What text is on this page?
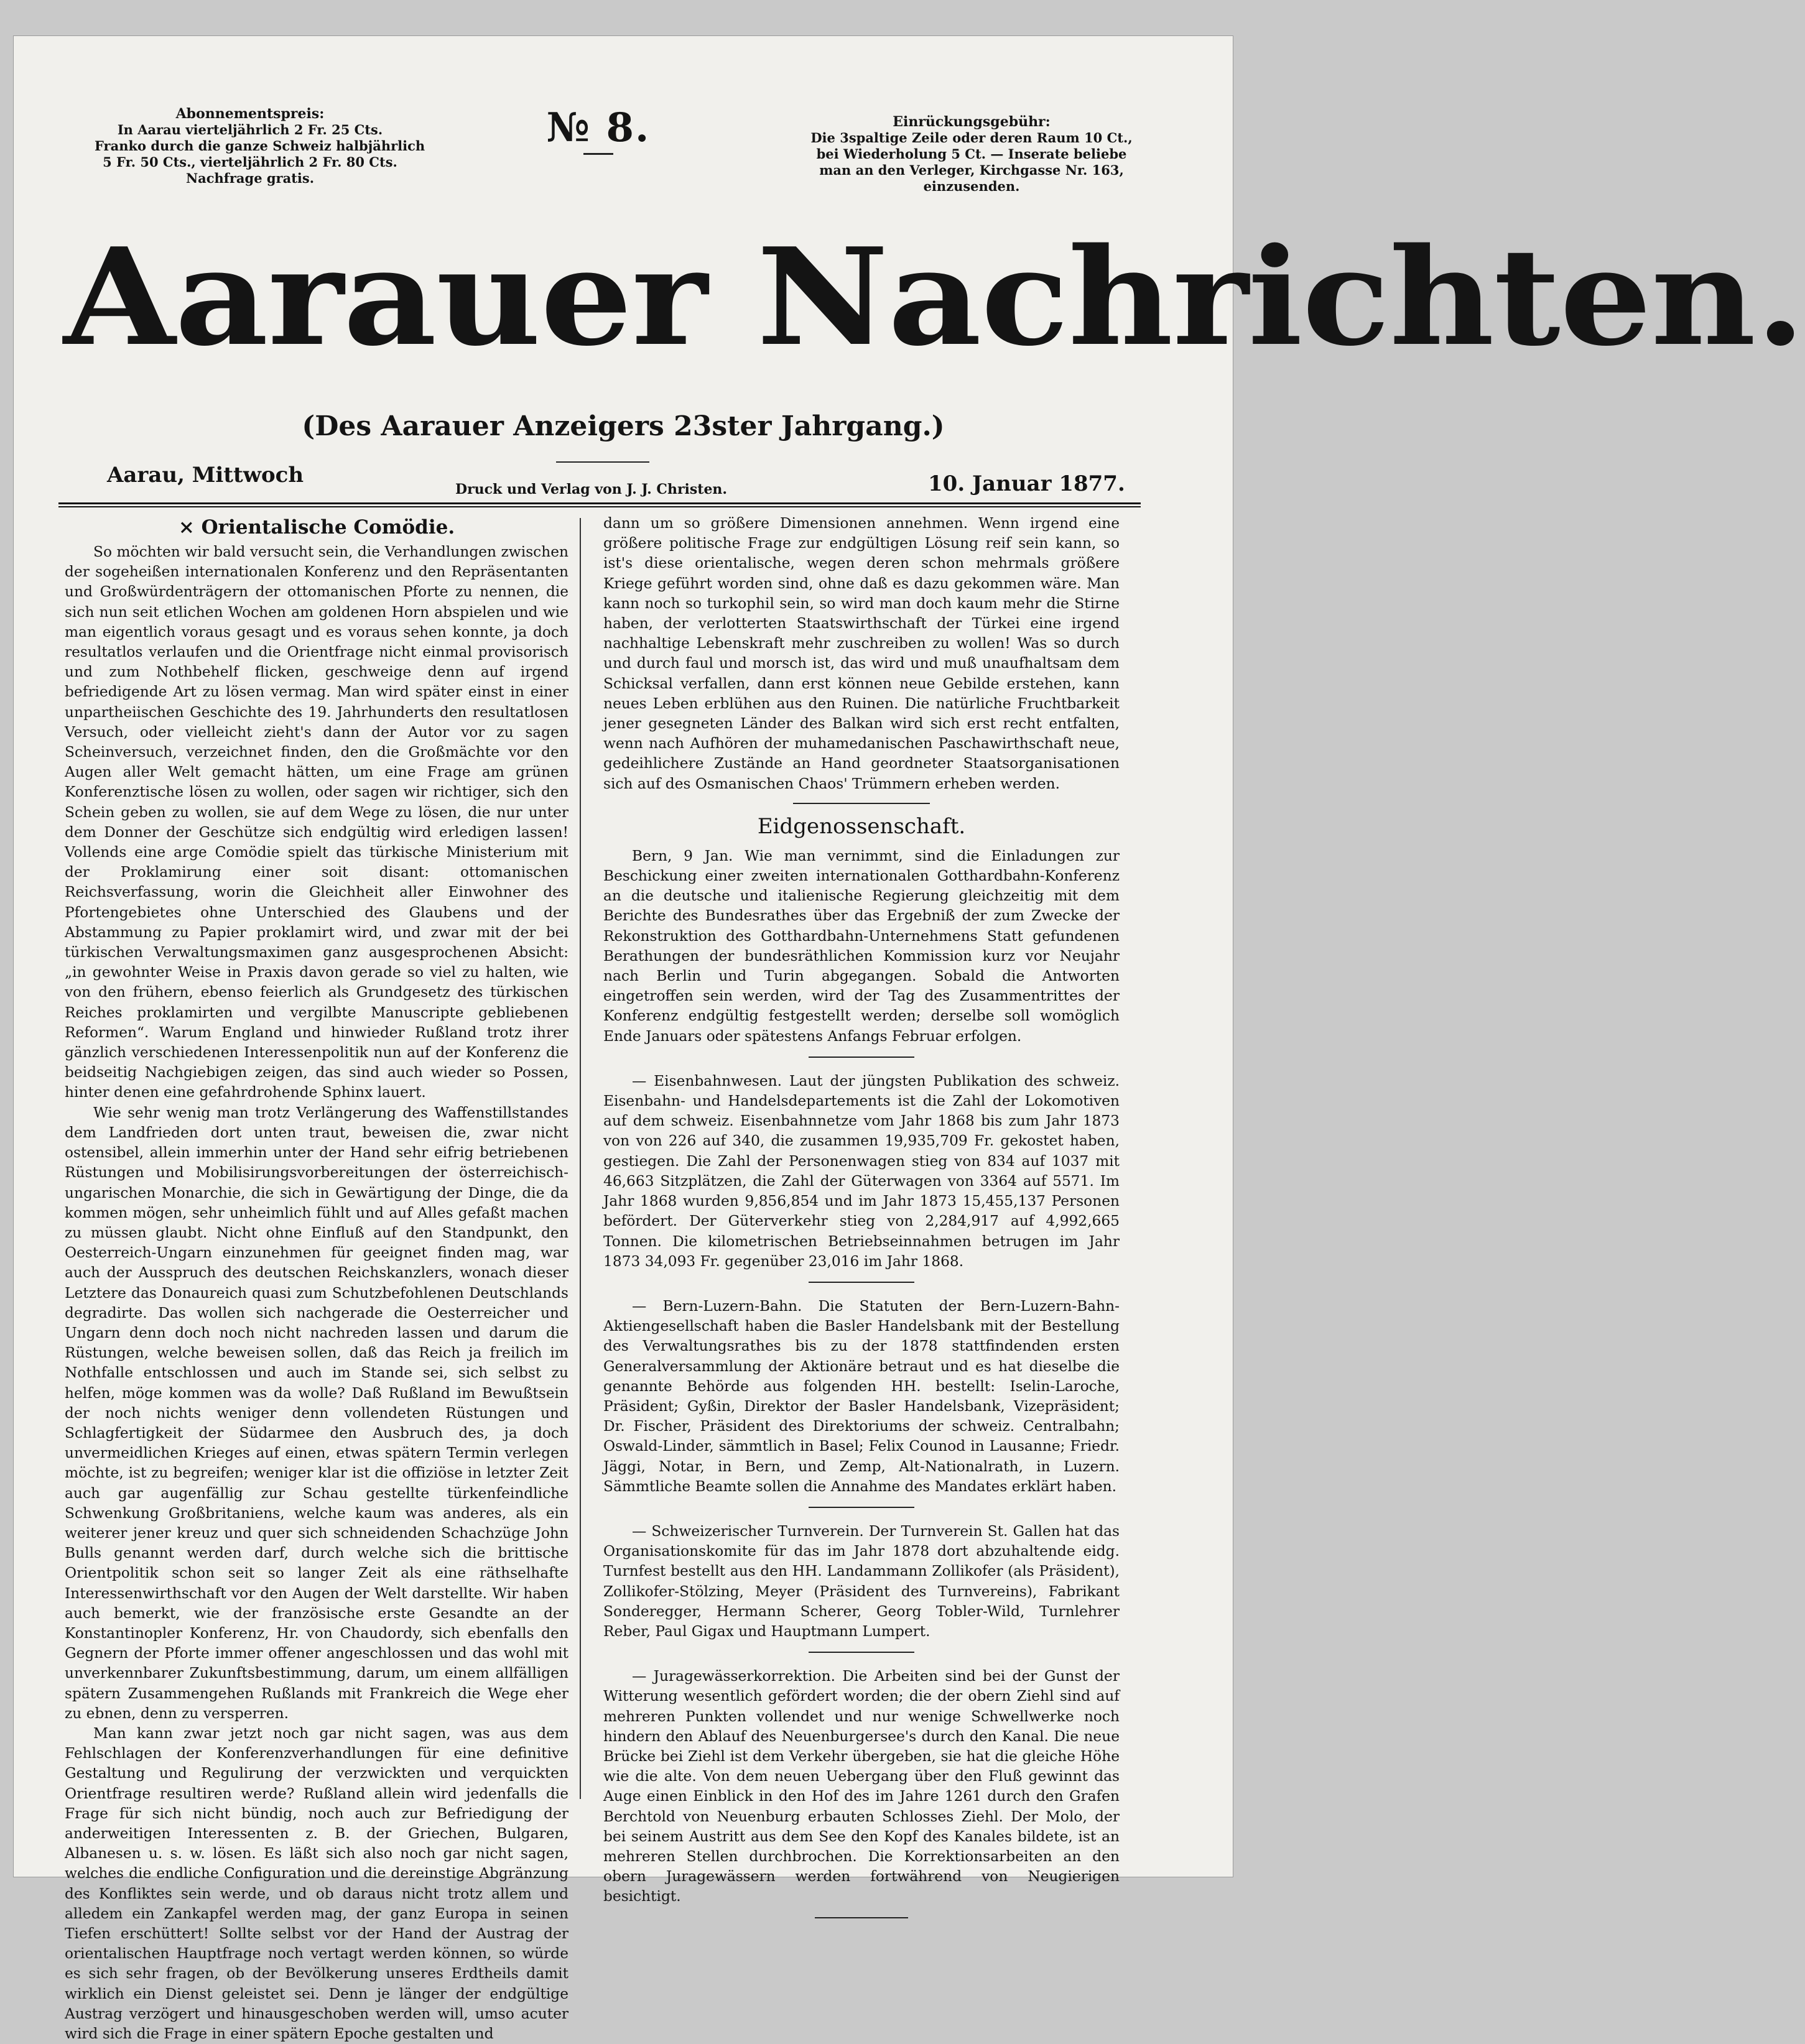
Abonnementspreis:
In Aarau vierteljährlich 2 Fr. 25 Cts.
Franko durch die ganze Schweiz halbjährlich
5 Fr. 50 Cts., vierteljährlich 2 Fr. 80 Cts.
Nachfrage gratis.
№ 8.	Einrückungsgebühr:
Die 3spaltige Zeile oder deren Raum 10 Ct.,
bei Wiederholung 5 Ct. — Inserate beliebe
man an den Verleger, Kirchgasse Nr. 163,
einzusenden.
Aarauer Nachrichten.
(Des Aarauer Anzeigers 23ster Jahrgang.)
Aarau, Mittwoch
Druck und Verlag von J. J. Christen.	10. Januar 1877.
× Orientalische Comödie.

So möchten wir bald versucht sein, die Verhandlungen zwischen der sogeheißen internationalen Konferenz und den Repräsentanten und Großwürdenträgern der ottomanischen Pforte zu nennen, die sich nun seit etlichen Wochen am goldenen Horn abspielen und wie man eigentlich voraus gesagt und es voraus sehen konnte, ja doch resultatlos verlaufen und die Orientfrage nicht einmal provisorisch und zum Nothbehelf flicken, geschweige denn auf irgend befriedigende Art zu lösen vermag. Man wird später einst in einer unpartheiischen Geschichte des 19. Jahrhunderts den resultatlosen Versuch, oder vielleicht zieht's dann der Autor vor zu sagen Scheinversuch, verzeichnet finden, den die Großmächte vor den Augen aller Welt gemacht hätten, um eine Frage am grünen Konferenztische lösen zu wollen, oder sagen wir richtiger, sich den Schein geben zu wollen, sie auf dem Wege zu lösen, die nur unter dem Donner der Geschütze sich endgültig wird erledigen lassen! Vollends eine arge Comödie spielt das türkische Ministerium mit der Proklamirung einer soit disant: ottomanischen Reichsverfassung, worin die Gleichheit aller Einwohner des Pfortengebietes ohne Unterschied des Glaubens und der Abstammung zu Papier proklamirt wird, und zwar mit der bei türkischen Verwaltungsmaximen ganz ausgesprochenen Absicht: „in gewohnter Weise in Praxis davon gerade so viel zu halten, wie von den frühern, ebenso feierlich als Grundgesetz des türkischen Reiches proklamirten und vergilbte Manuscripte gebliebenen Reformen“. Warum England und hinwieder Rußland trotz ihrer gänzlich verschiedenen Interessenpolitik nun auf der Konferenz die beidseitig Nachgiebigen zeigen, das sind auch wieder so Possen, hinter denen eine gefahrdrohende Sphinx lauert.

Wie sehr wenig man trotz Verlängerung des Waffenstillstandes dem Landfrieden dort unten traut, beweisen die, zwar nicht ostensibel, allein immerhin unter der Hand sehr eifrig betriebenen Rüstungen und Mobilisirungsvorbereitungen der österreichisch-ungarischen Monarchie, die sich in Gewärtigung der Dinge, die da kommen mögen, sehr unheimlich fühlt und auf Alles gefaßt machen zu müssen glaubt. Nicht ohne Einfluß auf den Standpunkt, den Oesterreich-Ungarn einzunehmen für geeignet finden mag, war auch der Ausspruch des deutschen Reichskanzlers, wonach dieser Letztere das Donaureich quasi zum Schutzbefohlenen Deutschlands degradirte. Das wollen sich nachgerade die Oesterreicher und Ungarn denn doch noch nicht nachreden lassen und darum die Rüstungen, welche beweisen sollen, daß das Reich ja freilich im Nothfalle entschlossen und auch im Stande sei, sich selbst zu helfen, möge kommen was da wolle? Daß Rußland im Bewußtsein der noch nichts weniger denn vollendeten Rüstungen und Schlagfertigkeit der Südarmee den Ausbruch des, ja doch unvermeidlichen Krieges auf einen, etwas spätern Termin verlegen möchte, ist zu begreifen; weniger klar ist die offiziöse in letzter Zeit auch gar augenfällig zur Schau gestellte türkenfeindliche Schwenkung Großbritaniens, welche kaum was anderes, als ein weiterer jener kreuz und quer sich schneidenden Schachzüge John Bulls genannt werden darf, durch welche sich die brittische Orientpolitik schon seit so langer Zeit als eine räthselhafte Interessenwirthschaft vor den Augen der Welt darstellte. Wir haben auch bemerkt, wie der französische erste Gesandte an der Konstantinopler Konferenz, Hr. von Chaudordy, sich ebenfalls den Gegnern der Pforte immer offener angeschlossen und das wohl mit unverkennbarer Zukunftsbestimmung, darum, um einem allfälligen spätern Zusammengehen Rußlands mit Frankreich die Wege eher zu ebnen, denn zu versperren.

Man kann zwar jetzt noch gar nicht sagen, was aus dem Fehlschlagen der Konferenzverhandlungen für eine definitive Gestaltung und Regulirung der verzwickten und verquickten Orientfrage resultiren werde? Rußland allein wird jedenfalls die Frage für sich nicht bündig, noch auch zur Befriedigung der anderweitigen Interessenten z. B. der Griechen, Bulgaren, Albanesen u. s. w. lösen. Es läßt sich also noch gar nicht sagen, welches die endliche Configuration und die dereinstige Abgränzung des Konfliktes sein werde, und ob daraus nicht trotz allem und alledem ein Zankapfel werden mag, der ganz Europa in seinen Tiefen erschüttert! Sollte selbst vor der Hand der Austrag der orientalischen Hauptfrage noch vertagt werden können, so würde es sich sehr fragen, ob der Bevölkerung unseres Erdtheils damit wirklich ein Dienst geleistet sei. Denn je länger der endgültige Austrag verzögert und hinausgeschoben werden will, umso acuter wird sich die Frage in einer spätern Epoche gestalten und

dann um so größere Dimensionen annehmen. Wenn irgend eine größere politische Frage zur endgültigen Lösung reif sein kann, so ist's diese orientalische, wegen deren schon mehrmals größere Kriege geführt worden sind, ohne daß es dazu gekommen wäre. Man kann noch so turkophil sein, so wird man doch kaum mehr die Stirne haben, der verlotterten Staatswirthschaft der Türkei eine irgend nachhaltige Lebenskraft mehr zuschreiben zu wollen! Was so durch und durch faul und morsch ist, das wird und muß unaufhaltsam dem Schicksal verfallen, dann erst können neue Gebilde erstehen, kann neues Leben erblühen aus den Ruinen. Die natürliche Fruchtbarkeit jener gesegneten Länder des Balkan wird sich erst recht entfalten, wenn nach Aufhören der muhamedanischen Paschawirthschaft neue, gedeihlichere Zustände an Hand geordneter Staatsorganisationen sich auf des Osmanischen Chaos' Trümmern erheben werden.

Eidgenossenschaft.

Bern, 9 Jan. Wie man vernimmt, sind die Einladungen zur Beschickung einer zweiten internationalen Gotthardbahn-Konferenz an die deutsche und italienische Regierung gleichzeitig mit dem Berichte des Bundesrathes über das Ergebniß der zum Zwecke der Rekonstruktion des Gotthardbahn-Unternehmens Statt gefundenen Berathungen der bundesräthlichen Kommission kurz vor Neujahr nach Berlin und Turin abgegangen. Sobald die Antworten eingetroffen sein werden, wird der Tag des Zusammentrittes der Konferenz endgültig festgestellt werden; derselbe soll womöglich Ende Januars oder spätestens Anfangs Februar erfolgen.

— Eisenbahnwesen. Laut der jüngsten Publikation des schweiz. Eisenbahn- und Handelsdepartements ist die Zahl der Lokomotiven auf dem schweiz. Eisenbahnnetze vom Jahr 1868 bis zum Jahr 1873 von von 226 auf 340, die zusammen 19,935,709 Fr. gekostet haben, gestiegen. Die Zahl der Personenwagen stieg von 834 auf 1037 mit 46,663 Sitzplätzen, die Zahl der Güterwagen von 3364 auf 5571. Im Jahr 1868 wurden 9,856,854 und im Jahr 1873 15,455,137 Personen befördert. Der Güterverkehr stieg von 2,284,917 auf 4,992,665 Tonnen. Die kilometrischen Betriebseinnahmen betrugen im Jahr 1873 34,093 Fr. gegenüber 23,016 im Jahr 1868.

— Bern-Luzern-Bahn. Die Statuten der Bern-Luzern-Bahn-Aktiengesellschaft haben die Basler Handelsbank mit der Bestellung des Verwaltungsrathes bis zu der 1878 stattfindenden ersten Generalversammlung der Aktionäre betraut und es hat dieselbe die genannte Behörde aus folgenden HH. bestellt: Iselin-Laroche, Präsident; Gyßin, Direktor der Basler Handelsbank, Vizepräsident; Dr. Fischer, Präsident des Direktoriums der schweiz. Centralbahn; Oswald-Linder, sämmtlich in Basel; Felix Counod in Lausanne; Friedr. Jäggi, Notar, in Bern, und Zemp, Alt-Nationalrath, in Luzern. Sämmtliche Beamte sollen die Annahme des Mandates erklärt haben.

— Schweizerischer Turnverein. Der Turnverein St. Gallen hat das Organisationskomite für das im Jahr 1878 dort abzuhaltende eidg. Turnfest bestellt aus den HH. Landammann Zollikofer (als Präsident), Zollikofer-Stölzing, Meyer (Präsident des Turnvereins), Fabrikant Sonderegger, Hermann Scherer, Georg Tobler-Wild, Turnlehrer Reber, Paul Gigax und Hauptmann Lumpert.

— Juragewässerkorrektion. Die Arbeiten sind bei der Gunst der Witterung wesentlich gefördert worden; die der obern Ziehl sind auf mehreren Punkten vollendet und nur wenige Schwellwerke noch hindern den Ablauf des Neuenburgersee's durch den Kanal. Die neue Brücke bei Ziehl ist dem Verkehr übergeben, sie hat die gleiche Höhe wie die alte. Von dem neuen Uebergang über den Fluß gewinnt das Auge einen Einblick in den Hof des im Jahre 1261 durch den Grafen Berchtold von Neuenburg erbauten Schlosses Ziehl. Der Molo, der bei seinem Austritt aus dem See den Kopf des Kanales bildete, ist an mehreren Stellen durchbrochen. Die Korrektionsarbeiten an den obern Juragewässern werden fortwährend von Neugierigen besichtigt.
